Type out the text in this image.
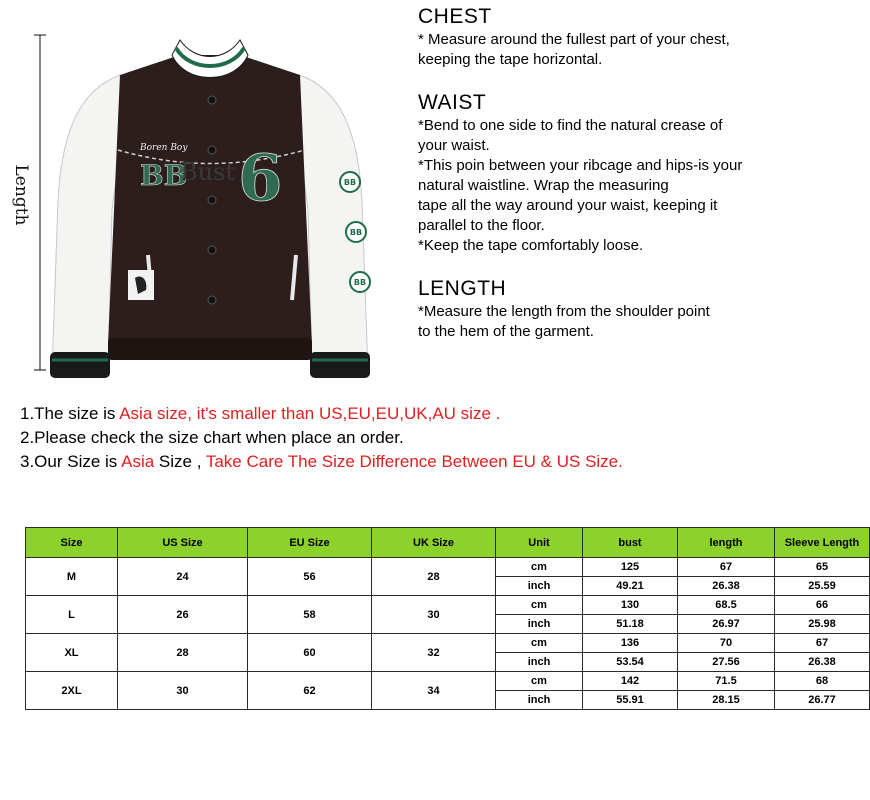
BB 6
Boren Boy
BB
BB
BB
Length	Bust
CHEST
* Measure around the fullest part of your chest,
keeping the tape horizontal.
WAIST
*Bend to one side to find the natural crease of
your waist.
*This poin between your ribcage and hips-is your
natural waistline. Wrap the measuring
tape all the way around your waist, keeping it
parallel to the floor.
*Keep the tape comfortably loose.
LENGTH
*Measure the length from the shoulder point
to the hem of the garment.
1.The size is Asia size, it's smaller than US,EU,EU,UK,AU size .
2.Please check the size chart when place an order.
3.Our Size is Asia Size , Take Care The Size Difference Between EU & US Size.
Size	US Size	EU Size	UK Size	Unit	bust	length	Sleeve Length
M	24	56	28	cm	125	67	65
				inch	49.21	26.38	25.59
L	26	58	30	cm	130	68.5	66
				inch	51.18	26.97	25.98
XL	28	60	32	cm	136	70	67
				inch	53.54	27.56	26.38
2XL	30	62	34	cm	142	71.5	68
				inch	55.91	28.15	26.77
